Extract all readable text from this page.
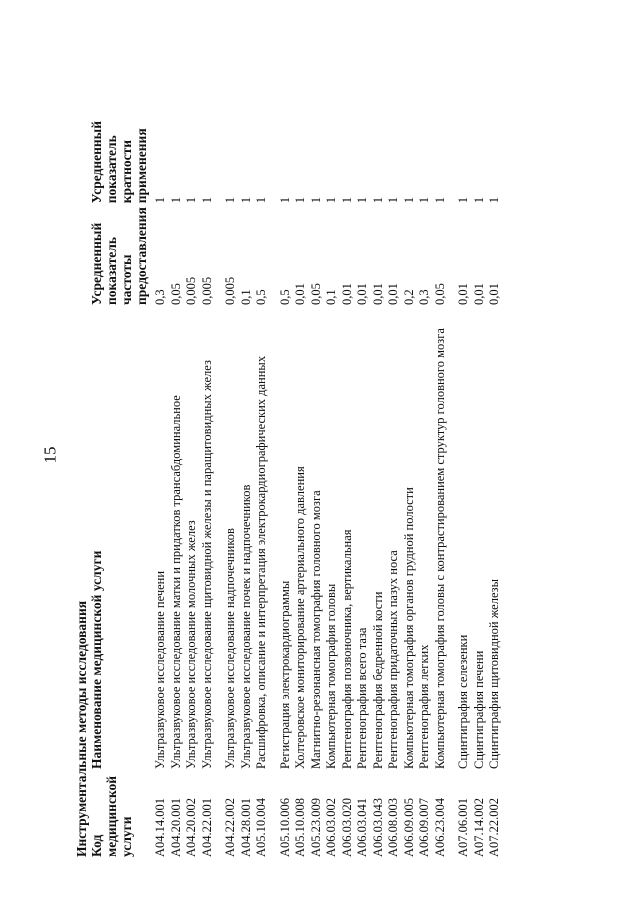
15
Инструментальные методы исследования Код медицинской услуги	Наименование медицинской услуги	Усредненный показатель частоты предоставления	Усредненный показатель кратности применения
A04.14.001	Ультразвуковое исследование печени	0,3	1
A04.20.001	Ультразвуковое исследование матки и придатков трансабдоминальное	0,05	1
A04.20.002	Ультразвуковое исследование молочных желез	0,005	1
A04.22.001	Ультразвуковое исследование щитовидной железы и паращитовидных желез	0,005	1
A04.22.002	Ультразвуковое исследование надпочечников	0,005	1
A04.28.001	Ультразвуковое исследование почек и надпочечников	0,1	1
A05.10.004	Расшифровка, описание и интерпретация электрокардиографических данных	0,5	1
A05.10.006	Регистрация электрокардиограммы	0,5	1
A05.10.008	Холтеровское мониторирование артериального давления	0,01	1
A05.23.009	Магнитно-резонансная томография головного мозга	0,05	1
A06.03.002	Компьютерная томография головы	0,1	1
A06.03.020	Рентгенография позвоночника, вертикальная	0,01	1
A06.03.041	Рентгенография всего таза	0,01	1
A06.03.043	Рентгенография бедренной кости	0,01	1
A06.08.003	Рентгенография придаточных пазух носа	0,01	1
A06.09.005	Компьютерная томография органов грудной полости	0,2	1
A06.09.007	Рентгенография легких	0,3	1
A06.23.004	Компьютерная томография головы с контрастированием структур головного мозга	0,05	1
A07.06.001	Сцинтиграфия селезенки	0,01	1
A07.14.002	Сцинтиграфия печени	0,01	1
A07.22.002	Сцинтиграфия щитовидной железы	0,01	1
